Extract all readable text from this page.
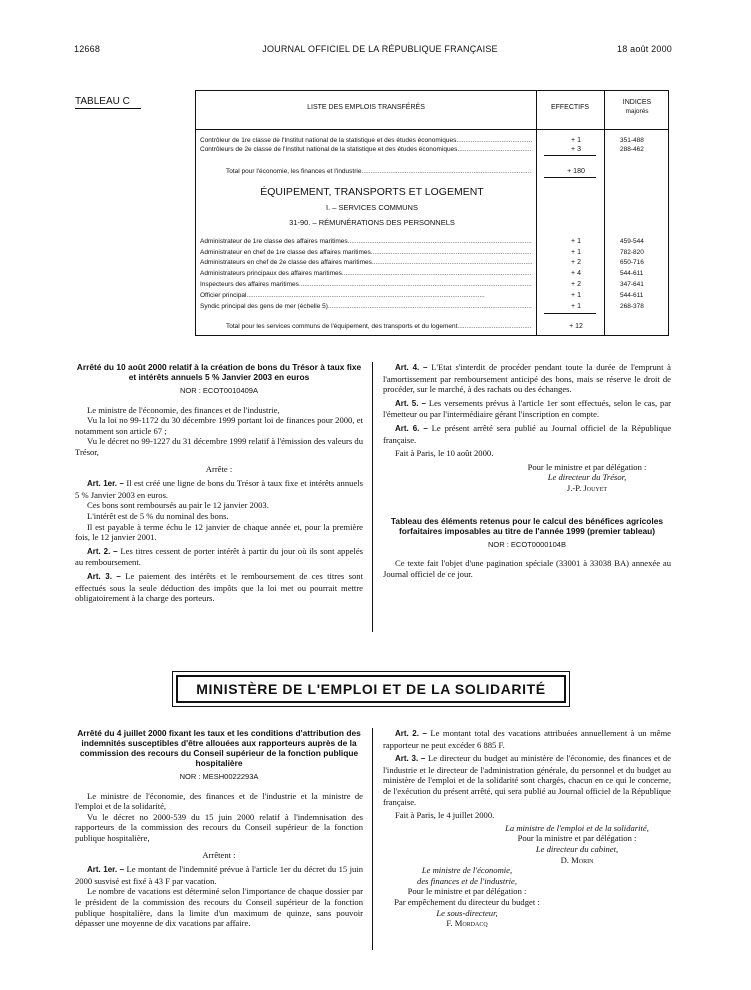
12668	JOURNAL OFFICIEL DE LA RÉPUBLIQUE FRANÇAISE	18 août 2000
TABLEAU C
LISTE DES EMPLOIS TRANSFÉRÉS	EFFECTIFS
INDICES
majorés
Contrôleur de 1re classe de l'Institut national de la statistique et des études économiques .....	+ 1	351-488
Contrôleurs de 2e classe de l'Institut national de la statistique et des études économiques .....	+ 3	288-462
Total pour l'économie, les finances et l'industrie .....	+ 180
ÉQUIPEMENT, TRANSPORTS ET LOGEMENT
I. – SERVICES COMMUNS
31-90. – RÉMUNÉRATIONS DES PERSONNELS
Administrateur de 1re classe des affaires maritimes .....	+ 1	459-544
Administrateur en chef de 1re classe des affaires maritimes .....	+ 1	782-820
Administrateurs en chef de 2e classe des affaires maritimes .....	+ 2	650-716
Administrateurs principaux des affaires maritimes .....	+ 4	544-611
Inspecteurs des affaires maritimes .....	+ 2	347-641
Officier principal .....	+ 1	544-611
Syndic principal des gens de mer (échelle 5) .....	+ 1	268-378
Total pour les services communs de l'équipement, des transports et du logement .....	+ 12
Arrêté du 10 août 2000 relatif à la création de bons du Trésor à taux fixe et intérêts annuels 5 % Janvier 2003 en euros
NOR : ECOT0010409A

Le ministre de l'économie, des finances et de l'industrie,

Vu la loi no 99-1172 du 30 décembre 1999 portant loi de finances pour 2000, et notamment son article 67 ;

Vu le décret no 99-1227 du 31 décembre 1999 relatif à l'émission des valeurs du Trésor,

Arrête :

Art. 1er. – Il est créé une ligne de bons du Trésor à taux fixe et intérêts annuels 5 % Janvier 2003 en euros.

Ces bons sont remboursés au pair le 12 janvier 2003.

L'intérêt est de 5 % du nominal des bons.

Il est payable à terme échu le 12 janvier de chaque année et, pour la première fois, le 12 janvier 2001.

Art. 2. – Les titres cessent de porter intérêt à partir du jour où ils sont appelés au remboursement.

Art. 3. – Le paiement des intérêts et le remboursement de ces titres sont effectués sous la seule déduction des impôts que la loi met ou pourrait mettre obligatoirement à la charge des porteurs.

Art. 4. – L'Etat s'interdit de procéder pendant toute la durée de l'emprunt à l'amortissement par remboursement anticipé des bons, mais se réserve le droit de procéder, sur le marché, à des rachats ou des échanges.

Art. 5. – Les versements prévus à l'article 1er sont effectués, selon le cas, par l'émetteur ou par l'intermédiaire gérant l'inscription en compte.

Art. 6. – Le présent arrêté sera publié au Journal officiel de la République française.

Fait à Paris, le 10 août 2000.

Pour le ministre et par délégation :

Le directeur du Trésor,

J.-P. Jouyet

Tableau des éléments retenus pour le calcul des bénéfices agricoles forfaitaires imposables au titre de l'année 1999 (premier tableau)
NOR : ECOT0000104B

Ce texte fait l'objet d'une pagination spéciale (33001 à 33038 BA) annexée au Journal officiel de ce jour.

MINISTÈRE DE L'EMPLOI ET DE LA SOLIDARITÉ
Arrêté du 4 juillet 2000 fixant les taux et les conditions d'attribution des indemnités susceptibles d'être allouées aux rapporteurs auprès de la commission des recours du Conseil supérieur de la fonction publique hospitalière
NOR : MESH0022293A

Le ministre de l'économie, des finances et de l'industrie et la ministre de l'emploi et de la solidarité,

Vu le décret no 2000-539 du 15 juin 2000 relatif à l'indemnisation des rapporteurs de la commission des recours du Conseil supérieur de la fonction publique hospitalière,

Arrêtent :

Art. 1er. – Le montant de l'indemnité prévue à l'article 1er du décret du 15 juin 2000 susvisé est fixé à 43 F par vacation.

Le nombre de vacations est déterminé selon l'importance de chaque dossier par le président de la commission des recours du Conseil supérieur de la fonction publique hospitalière, dans la limite d'un maximum de quinze, sans pouvoir dépasser une moyenne de dix vacations par affaire.

Art. 2. – Le montant total des vacations attribuées annuellement à un même rapporteur ne peut excéder 6 885 F.

Art. 3. – Le directeur du budget au ministère de l'économie, des finances et de l'industrie et le directeur de l'administration générale, du personnel et du budget au ministère de l'emploi et de la solidarité sont chargés, chacun en ce qui le concerne, de l'exécution du présent arrêté, qui sera publié au Journal officiel de la République française.

Fait à Paris, le 4 juillet 2000.

La ministre de l'emploi et de la solidarité,

Pour la ministre et par délégation :

Le directeur du cabinet,

D. Morin

Le ministre de l'économie,

des finances et de l'industrie,

Pour le ministre et par délégation :

Par empêchement du directeur du budget :

Le sous-directeur,

F. Mordacq
